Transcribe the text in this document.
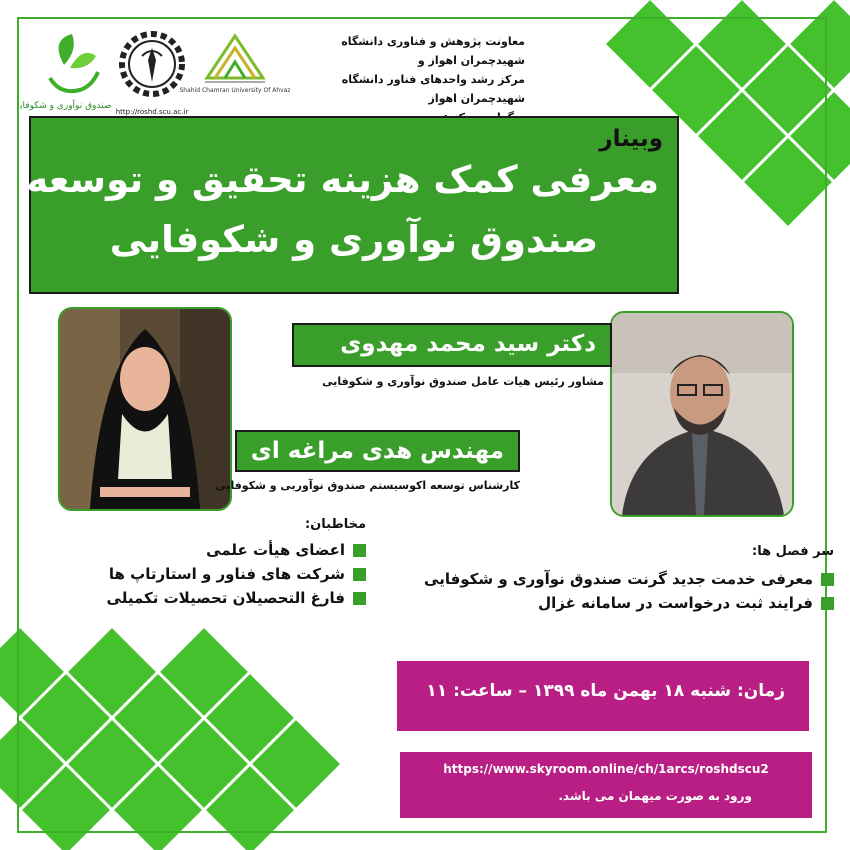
صندوق نوآوری و شکوفایی
http://roshd.scu.ac.ir
Shahid Chamran University Of Ahvaz
معاونت پژوهش و فناوری دانشگاه شهیدچمران اهواز و
مرکز رشد واحدهای فناور دانشگاه شهیدچمران اهواز
وبینار
معرفی کمک هزینه تحقیق و توسعه
صندوق نوآوری و شکوفایی
دکتر سید محمد مهدوی
مشاور رئیس هیات عامل صندوق نوآوری و شکوفایی
مهندس هدی مراغه ای
کارشناس توسعه اکوسیستم صندوق نوآوریی و شکوفایی
مخاطبان:
اعضای هیأت علمی
شرکت های فناور و استارتاپ ها
فارغ التحصیلان تحصیلات تکمیلی
سر فصل ها:
معرفی خدمت جدید گرنت صندوق نوآوری و شکوفایی
فرایند ثبت درخواست در سامانه غزال
زمان: شنبه ۱۸ بهمن ماه ۱۳۹۹ – ساعت: ۱۱
https://www.skyroom.online/ch/1arcs/roshdscu2
ورود به صورت میهمان می باشد.
